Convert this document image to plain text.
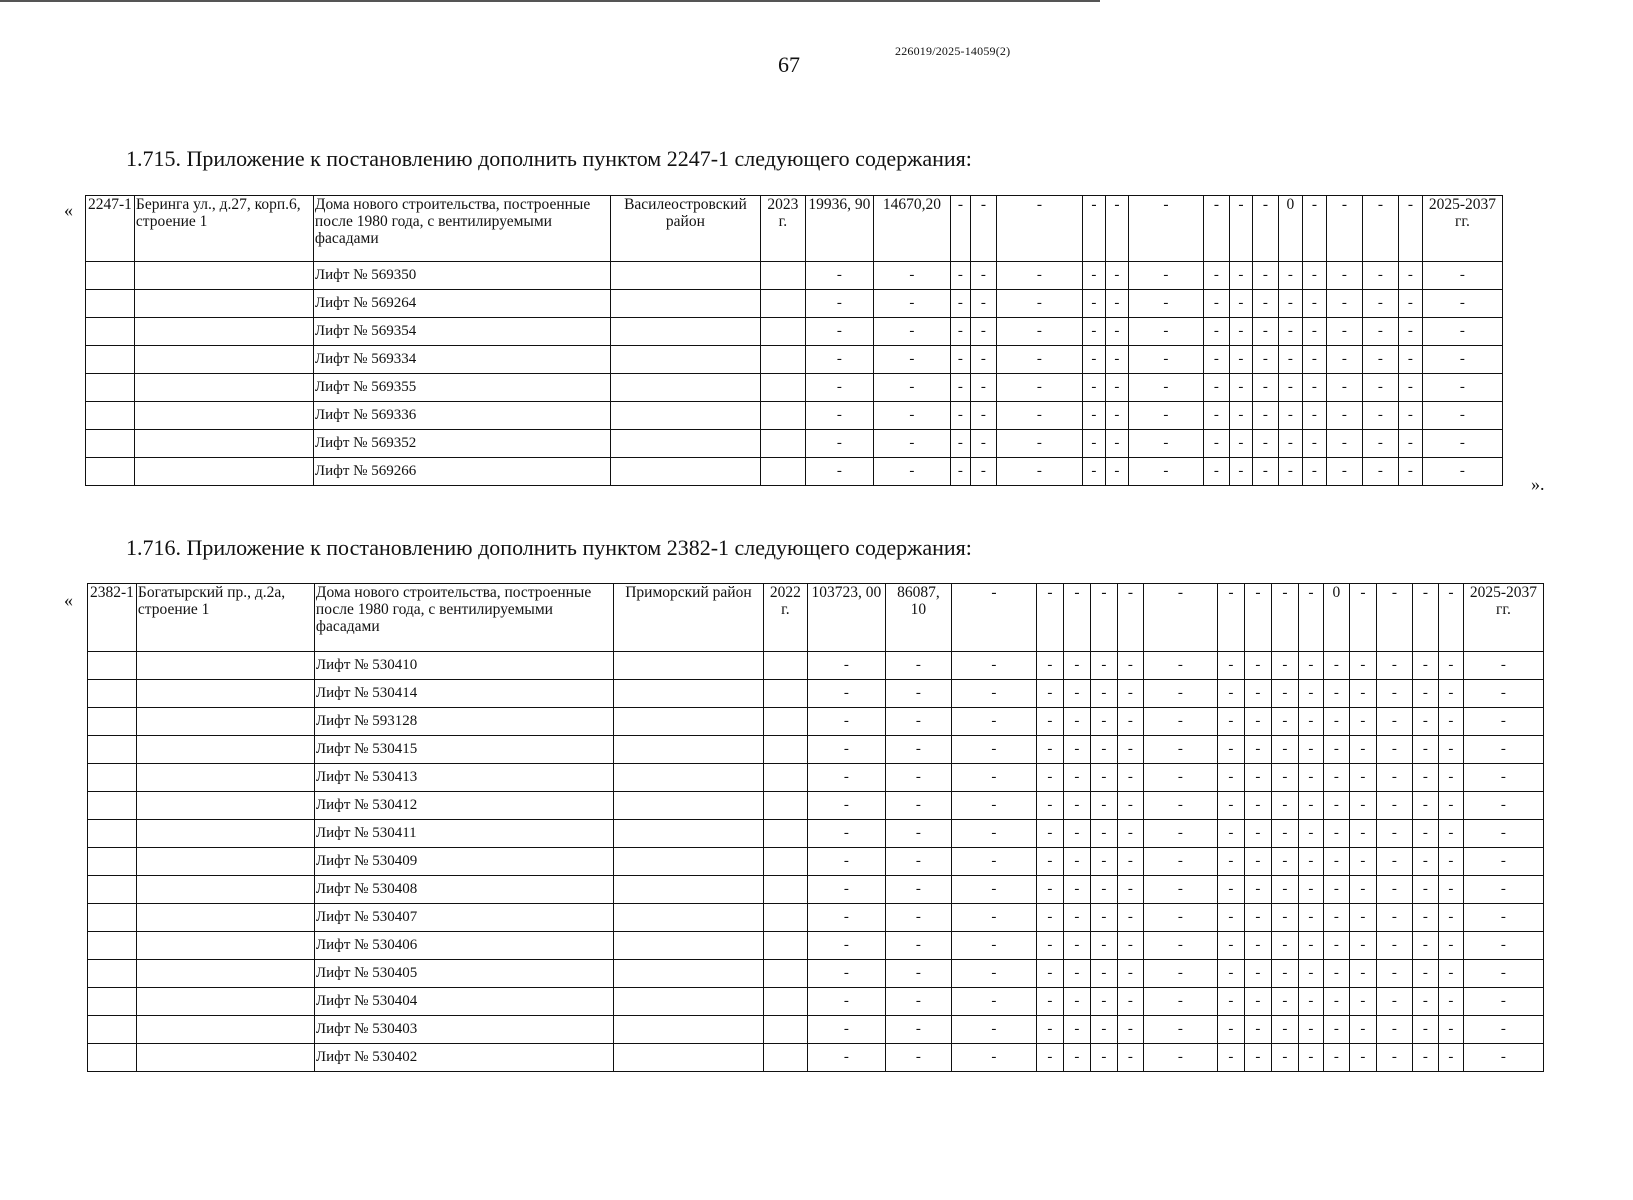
67
226019/2025-14059(2)
1.715. Приложение к постановлению дополнить пунктом 2247-1 следующего содержания:
«
».
2247-1	Беринга ул., д.27, корп.6, строение 1	Дома нового строительства, построенные после 1980 года, с вентилируемыми фасадами	Василеостровский район	2023 г.	19936, 90	14670,20	-	-	-	-	-	-	-	-	-	0	-	-	-	-	2025-2037 гг.
		Лифт № 569350			-	-	-	-	-	-	-	-	-	-	-	-	-	-	-	-	-
		Лифт № 569264			-	-	-	-	-	-	-	-	-	-	-	-	-	-	-	-	-
		Лифт № 569354			-	-	-	-	-	-	-	-	-	-	-	-	-	-	-	-	-
		Лифт № 569334			-	-	-	-	-	-	-	-	-	-	-	-	-	-	-	-	-
		Лифт № 569355			-	-	-	-	-	-	-	-	-	-	-	-	-	-	-	-	-
		Лифт № 569336			-	-	-	-	-	-	-	-	-	-	-	-	-	-	-	-	-
		Лифт № 569352			-	-	-	-	-	-	-	-	-	-	-	-	-	-	-	-	-
		Лифт № 569266			-	-	-	-	-	-	-	-	-	-	-	-	-	-	-	-	-
1.716. Приложение к постановлению дополнить пунктом 2382-1 следующего содержания:
« 2382-1	Богатырский пр., д.2а, строение 1	Дома нового строительства, построенные после 1980 года, с вентилируемыми фасадами	Приморский район	2022 г.	103723, 00	86087, 10	-	-	-	-	-	-	-	-	-	-	0	-	-	-	-	2025-2037 гг.
		Лифт № 530410			-	-	-	-	-	-	-	-	-	-	-	-	-	-	-	-	-	-
		Лифт № 530414			-	-	-	-	-	-	-	-	-	-	-	-	-	-	-	-	-	-
		Лифт № 593128			-	-	-	-	-	-	-	-	-	-	-	-	-	-	-	-	-	-
		Лифт № 530415			-	-	-	-	-	-	-	-	-	-	-	-	-	-	-	-	-	-
		Лифт № 530413			-	-	-	-	-	-	-	-	-	-	-	-	-	-	-	-	-	-
		Лифт № 530412			-	-	-	-	-	-	-	-	-	-	-	-	-	-	-	-	-	-
		Лифт № 530411			-	-	-	-	-	-	-	-	-	-	-	-	-	-	-	-	-	-
		Лифт № 530409			-	-	-	-	-	-	-	-	-	-	-	-	-	-	-	-	-	-
		Лифт № 530408			-	-	-	-	-	-	-	-	-	-	-	-	-	-	-	-	-	-
		Лифт № 530407			-	-	-	-	-	-	-	-	-	-	-	-	-	-	-	-	-	-
		Лифт № 530406			-	-	-	-	-	-	-	-	-	-	-	-	-	-	-	-	-	-
		Лифт № 530405			-	-	-	-	-	-	-	-	-	-	-	-	-	-	-	-	-	-
		Лифт № 530404			-	-	-	-	-	-	-	-	-	-	-	-	-	-	-	-	-	-
		Лифт № 530403			-	-	-	-	-	-	-	-	-	-	-	-	-	-	-	-	-	-
		Лифт № 530402			-	-	-	-	-	-	-	-	-	-	-	-	-	-	-	-	-	-
